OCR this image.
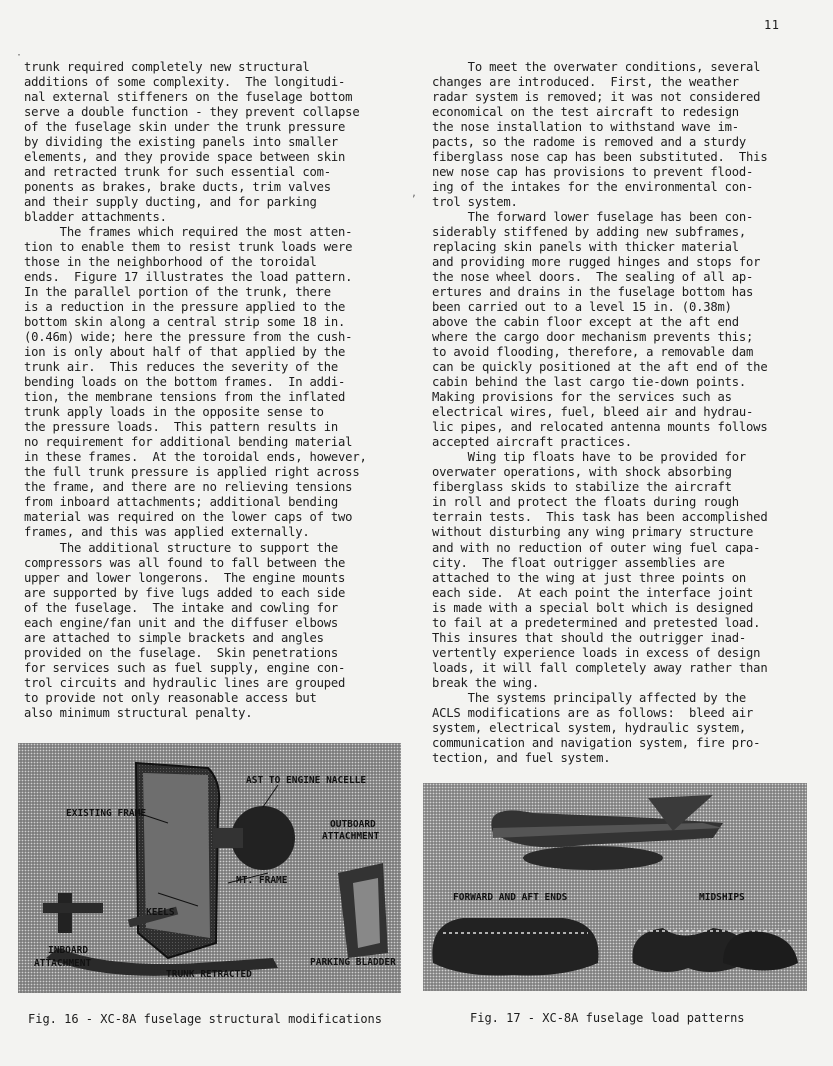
11
·
,
trunk required completely new structural
additions of some complexity.  The longitudi-
nal external stiffeners on the fuselage bottom
serve a double function - they prevent collapse
of the fuselage skin under the trunk pressure
by dividing the existing panels into smaller
elements, and they provide space between skin
and retracted trunk for such essential com-
ponents as brakes, brake ducts, trim valves
and their supply ducting, and for parking
bladder attachments.
The frames which required the most atten-
tion to enable them to resist trunk loads were
those in the neighborhood of the toroidal
ends.  Figure 17 illustrates the load pattern.
In the parallel portion of the trunk, there
is a reduction in the pressure applied to the
bottom skin along a central strip some 18 in.
(0.46m) wide; here the pressure from the cush-
ion is only about half of that applied by the
trunk air.  This reduces the severity of the
bending loads on the bottom frames.  In addi-
tion, the membrane tensions from the inflated
trunk apply loads in the opposite sense to
the pressure loads.  This pattern results in
no requirement for additional bending material
in these frames.  At the toroidal ends, however,
the full trunk pressure is applied right across
the frame, and there are no relieving tensions
from inboard attachments; additional bending
material was required on the lower caps of two
frames, and this was applied externally.
The additional structure to support the
compressors was all found to fall between the
upper and lower longerons.  The engine mounts
are supported by five lugs added to each side
of the fuselage.  The intake and cowling for
each engine/fan unit and the diffuser elbows
are attached to simple brackets and angles
provided on the fuselage.  Skin penetrations
for services such as fuel supply, engine con-
trol circuits and hydraulic lines are grouped
to provide not only reasonable access but
also minimum structural penalty.
To meet the overwater conditions, several
changes are introduced.  First, the weather
radar system is removed; it was not considered
economical on the test aircraft to redesign
the nose installation to withstand wave im-
pacts, so the radome is removed and a sturdy
fiberglass nose cap has been substituted.  This
new nose cap has provisions to prevent flood-
ing of the intakes for the environmental con-
trol system.
The forward lower fuselage has been con-
siderably stiffened by adding new subframes,
replacing skin panels with thicker material
and providing more rugged hinges and stops for
the nose wheel doors.  The sealing of all ap-
ertures and drains in the fuselage bottom has
been carried out to a level 15 in. (0.38m)
above the cabin floor except at the aft end
where the cargo door mechanism prevents this;
to avoid flooding, therefore, a removable dam
can be quickly positioned at the aft end of the
cabin behind the last cargo tie-down points.
Making provisions for the services such as
electrical wires, fuel, bleed air and hydrau-
lic pipes, and relocated antenna mounts follows
accepted aircraft practices.
Wing tip floats have to be provided for
overwater operations, with shock absorbing
fiberglass skids to stabilize the aircraft
in roll and protect the floats during rough
terrain tests.  This task has been accomplished
without disturbing any wing primary structure
and with no reduction of outer wing fuel capa-
city.  The float outrigger assemblies are
attached to the wing at just three points on
each side.  At each point the interface joint
is made with a special bolt which is designed
to fail at a predetermined and pretested load.
This insures that should the outrigger inad-
vertently experience loads in excess of design
loads, it will fall completely away rather than
break the wing.
The systems principally affected by the
ACLS modifications are as follows:  bleed air
system, electrical system, hydraulic system,
communication and navigation system, fire pro-
tection, and fuel system.
AST TO ENGINE NACELLE
EXISTING FRAME
OUTBOARD
ATTACHMENT
MT. FRAME
KEELS
INBOARD
ATTACHMENT
TRUNK RETRACTED
PARKING BLADDER
FORWARD AND AFT ENDS	MIDSHIPS
Fig. 16 - XC-8A fuselage structural modifications	Fig. 17 - XC-8A fuselage load patterns
